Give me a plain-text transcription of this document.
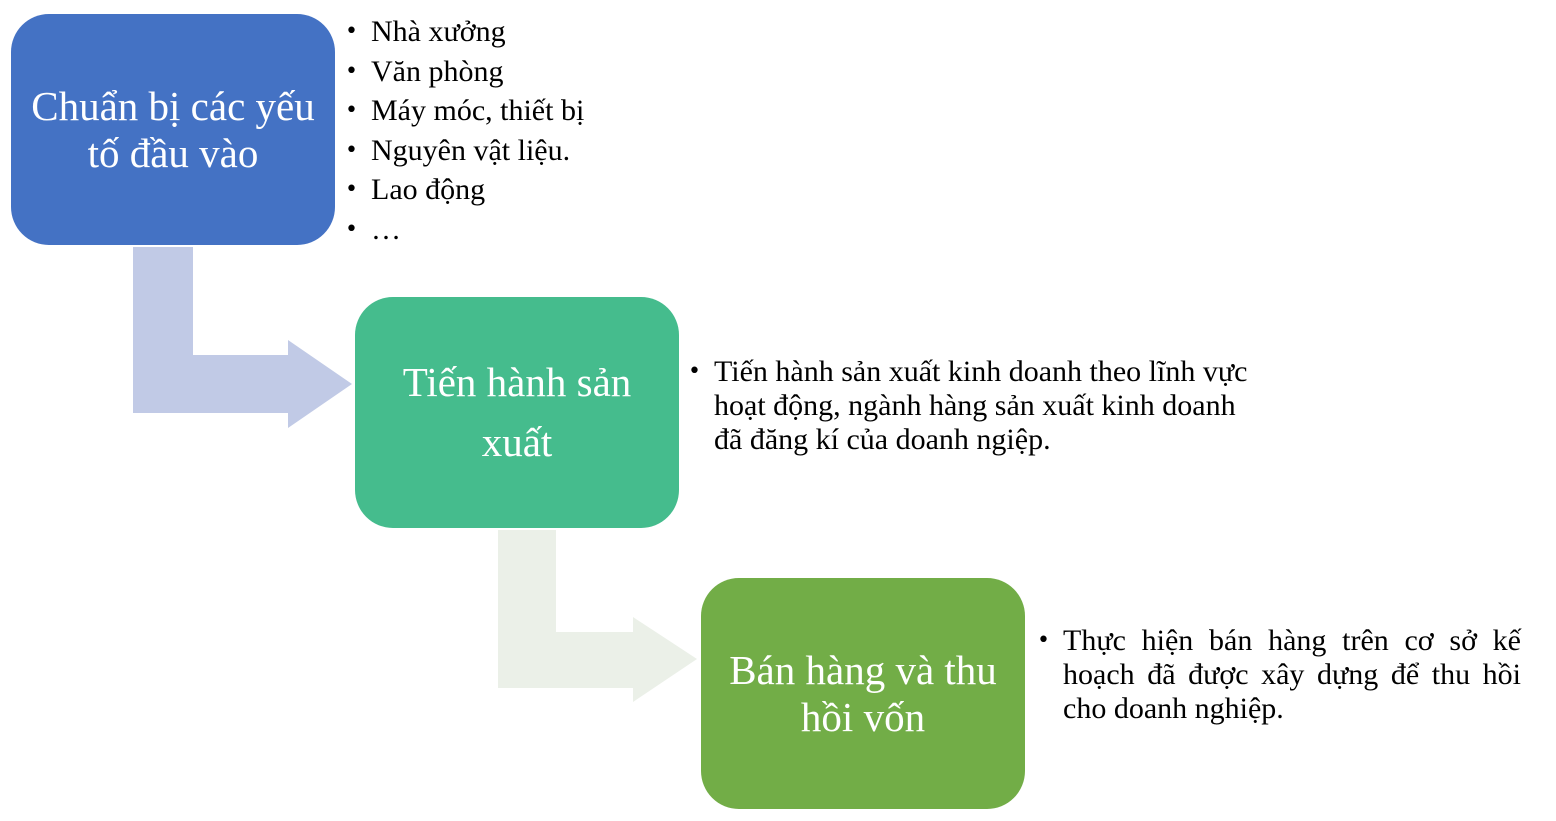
Chuẩn bị các yếu tố đầu vào
• Nhà xưởng
• Văn phòng
• Máy móc, thiết bị
• Nguyên vật liệu.
• Lao động
• …
Tiến hành sản xuất
• Tiến hành sản xuất kinh doanh theo lĩnh vực hoạt động, ngành hàng sản xuất kinh doanh đã đăng kí của doanh ngiệp.
Bán hàng và thu hồi vốn
• Thực hiện bán hàng trên cơ sở kế hoạch đã được xây dựng để thu hồi cho doanh nghiệp.
